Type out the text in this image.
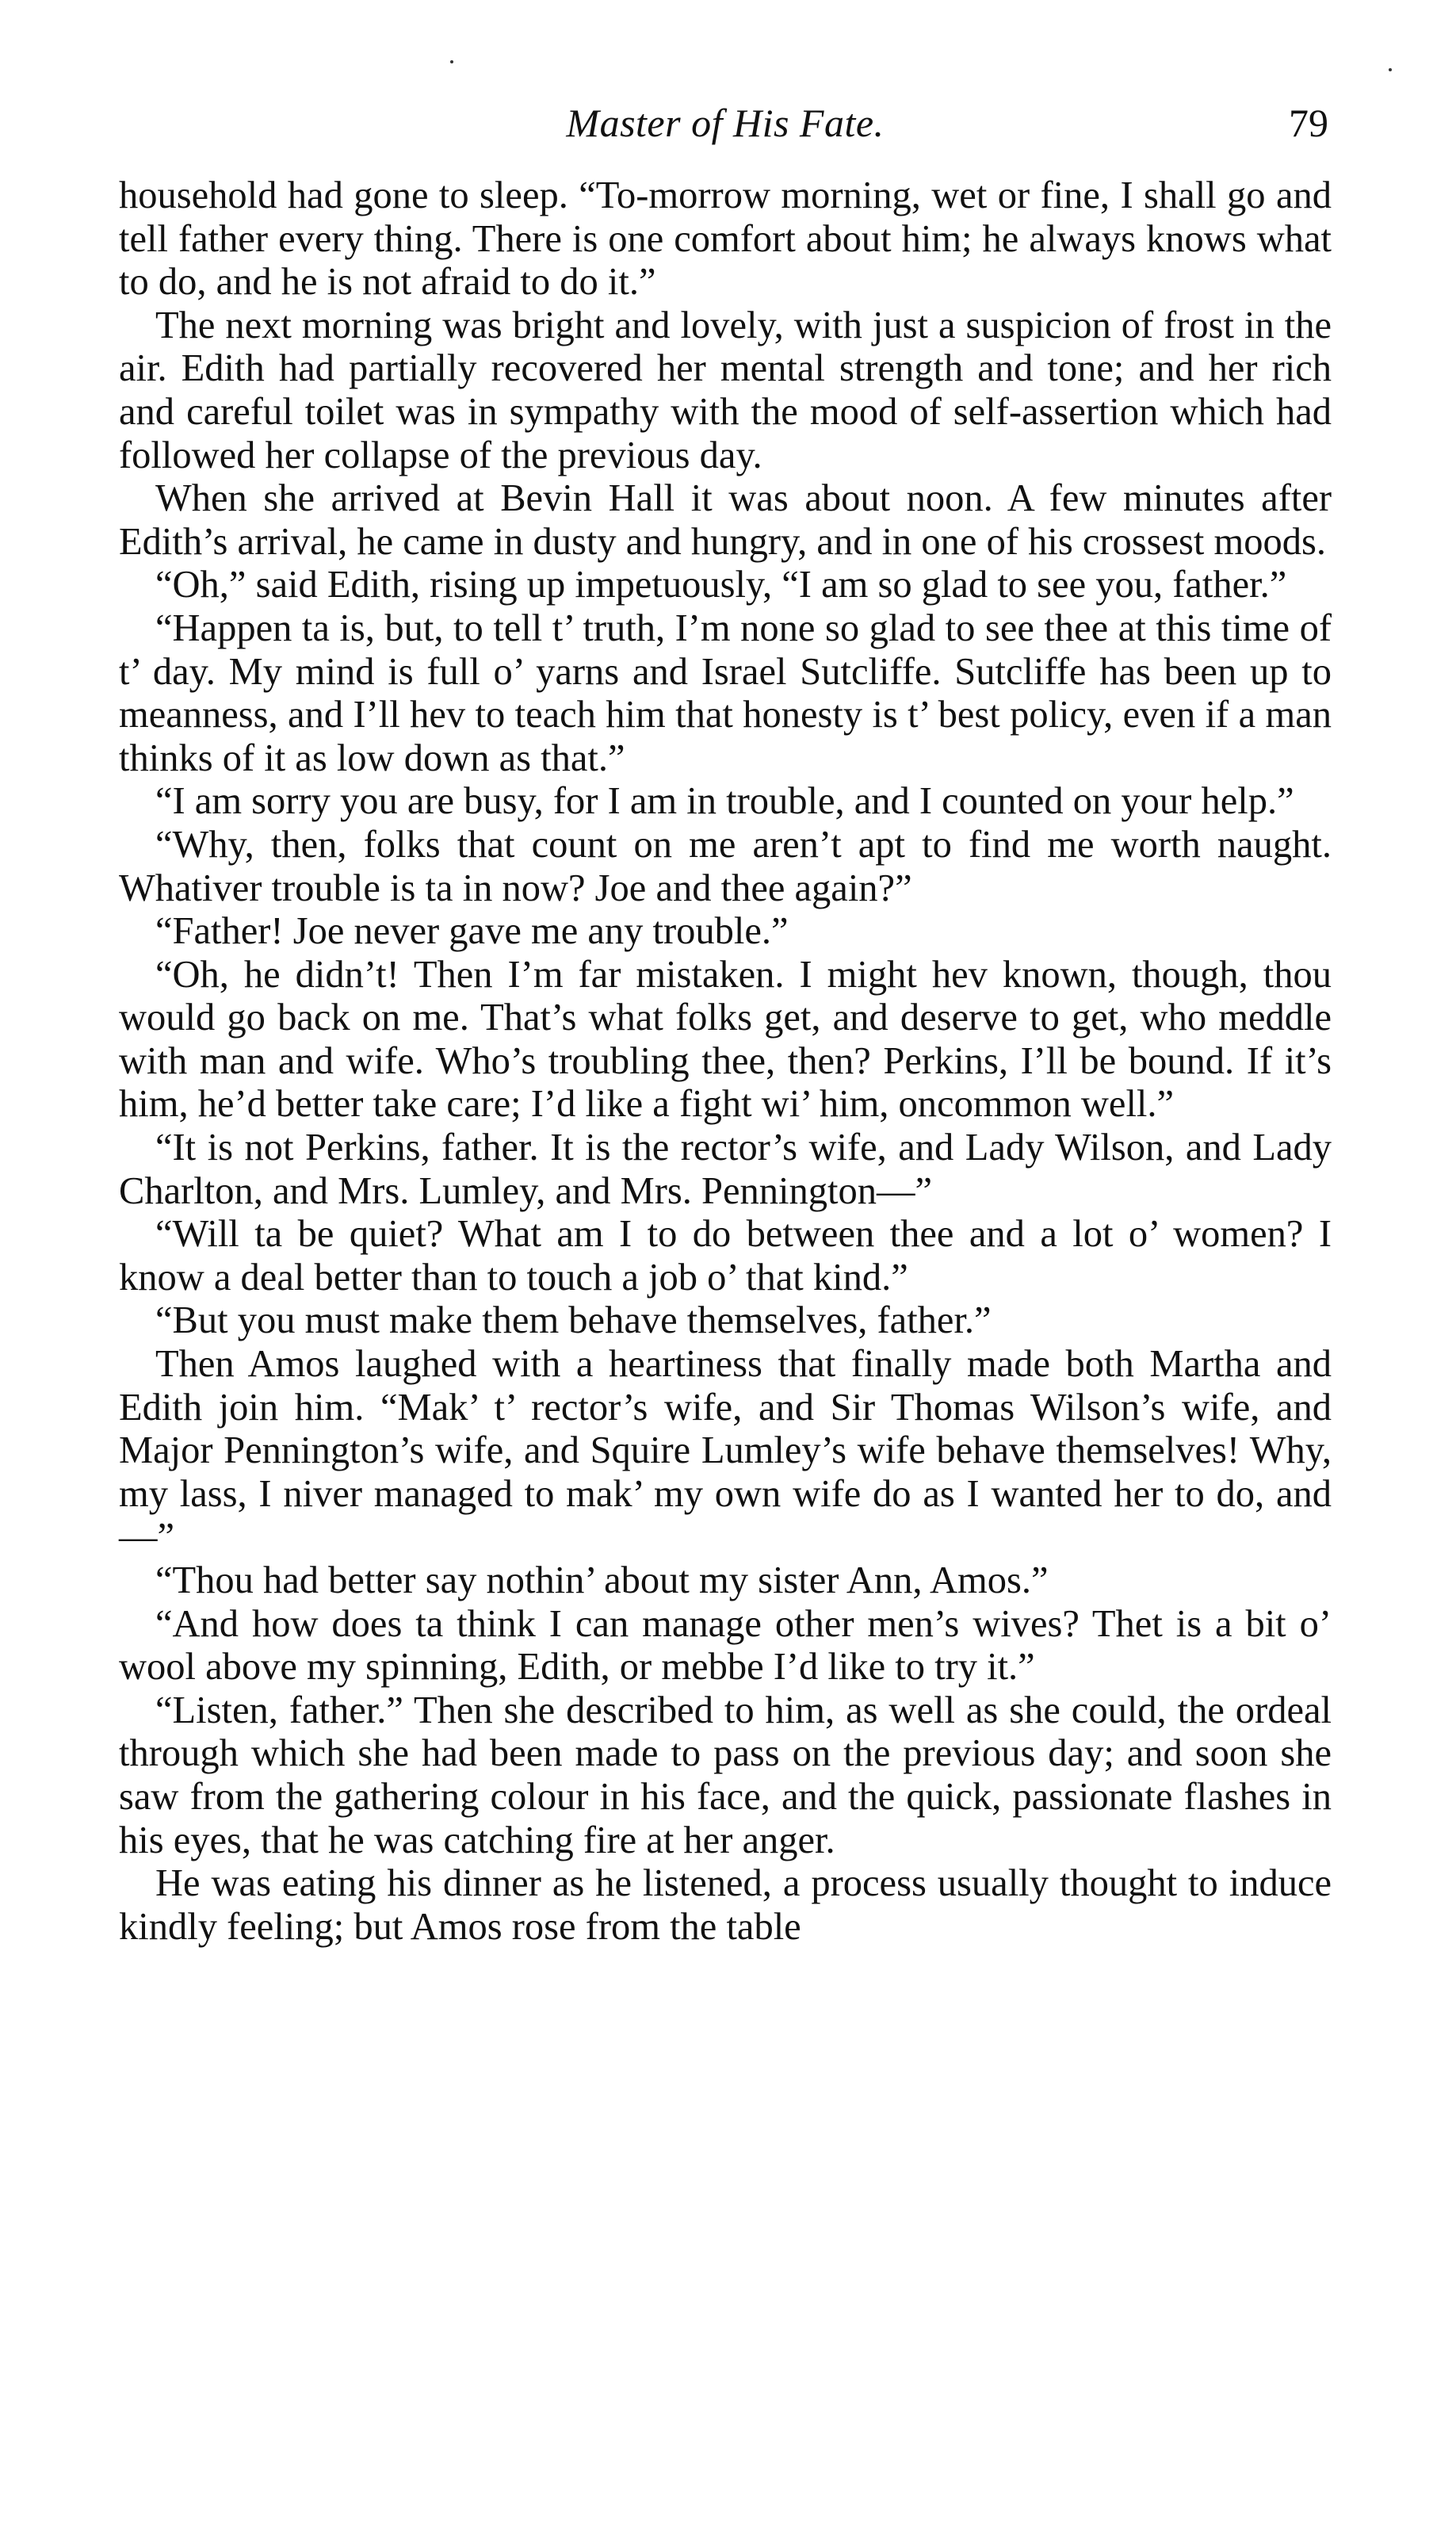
Master of His Fate.	79

household had gone to sleep. “To-morrow morning, wet or fine, I shall go and tell father every thing. There is one comfort about him; he always knows what to do, and he is not afraid to do it.”

The next morning was bright and lovely, with just a suspicion of frost in the air. Edith had partially recovered her mental strength and tone; and her rich and careful toilet was in sympathy with the mood of self-assertion which had followed her collapse of the previous day.

When she arrived at Bevin Hall it was about noon. A few minutes after Edith’s arrival, he came in dusty and hungry, and in one of his crossest moods.

“Oh,” said Edith, rising up impetuously, “I am so glad to see you, father.”

“Happen ta is, but, to tell t’ truth, I’m none so glad to see thee at this time of t’ day. My mind is full o’ yarns and Israel Sutcliffe. Sutcliffe has been up to meanness, and I’ll hev to teach him that honesty is t’ best policy, even if a man thinks of it as low down as that.”

“I am sorry you are busy, for I am in trouble, and I counted on your help.”

“Why, then, folks that count on me aren’t apt to find me worth naught. Whativer trouble is ta in now? Joe and thee again?”

“Father! Joe never gave me any trouble.”

“Oh, he didn’t! Then I’m far mistaken. I might hev known, though, thou would go back on me. That’s what folks get, and deserve to get, who meddle with man and wife. Who’s troubling thee, then? Perkins, I’ll be bound. If it’s him, he’d better take care; I’d like a fight wi’ him, oncommon well.”

“It is not Perkins, father. It is the rector’s wife, and Lady Wilson, and Lady Charlton, and Mrs. Lumley, and Mrs. Pennington—”

“Will ta be quiet? What am I to do between thee and a lot o’ women? I know a deal better than to touch a job o’ that kind.”

“But you must make them behave themselves, father.”

Then Amos laughed with a heartiness that finally made both Martha and Edith join him. “Mak’ t’ rector’s wife, and Sir Thomas Wilson’s wife, and Major Pennington’s wife, and Squire Lumley’s wife behave themselves! Why, my lass, I niver managed to mak’ my own wife do as I wanted her to do, and—”

“Thou had better say nothin’ about my sister Ann, Amos.”

“And how does ta think I can manage other men’s wives? Thet is a bit o’ wool above my spinning, Edith, or mebbe I’d like to try it.”

“Listen, father.” Then she described to him, as well as she could, the ordeal through which she had been made to pass on the previous day; and soon she saw from the gathering colour in his face, and the quick, passionate flashes in his eyes, that he was catching fire at her anger.

He was eating his dinner as he listened, a process usually thought to induce kindly feeling; but Amos rose from the table
